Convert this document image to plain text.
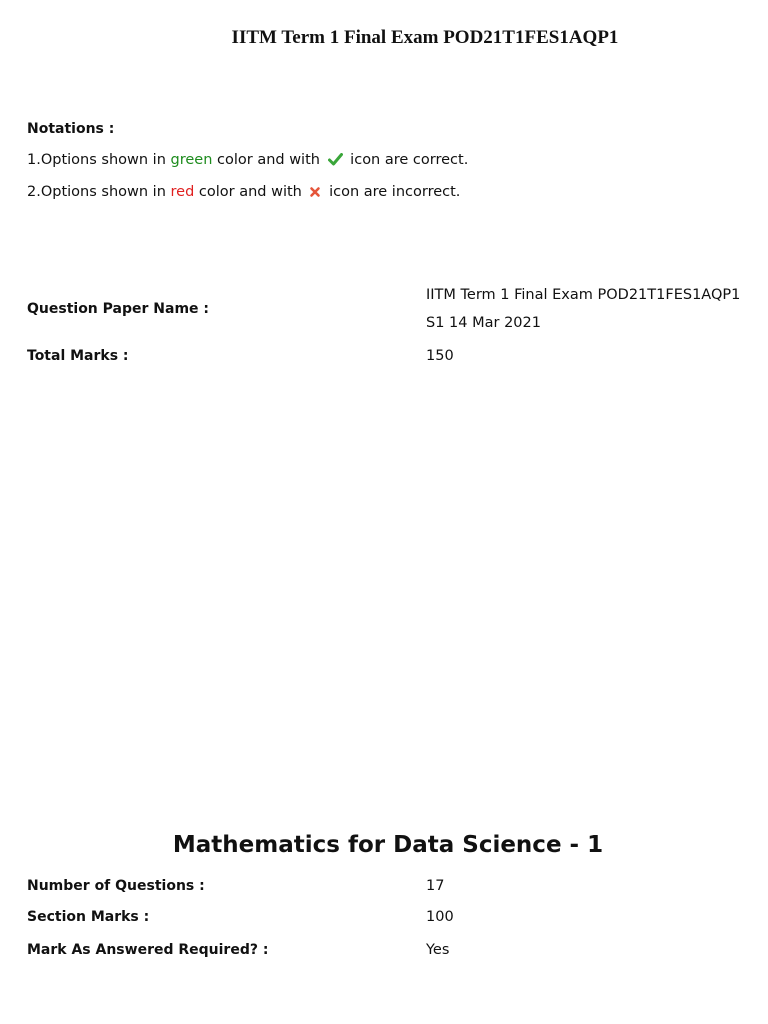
IITM Term 1 Final Exam POD21T1FES1AQP1
Notations :
1.Options shown in green color and with  icon are correct.
2.Options shown in red color and with  icon are incorrect.
Question Paper Name :
IITM Term 1 Final Exam POD21T1FES1AQP1
S1 14 Mar 2021
Total Marks :	150
Mathematics for Data Science - 1
Number of Questions :	17
Section Marks :	100
Mark As Answered Required? :	Yes
